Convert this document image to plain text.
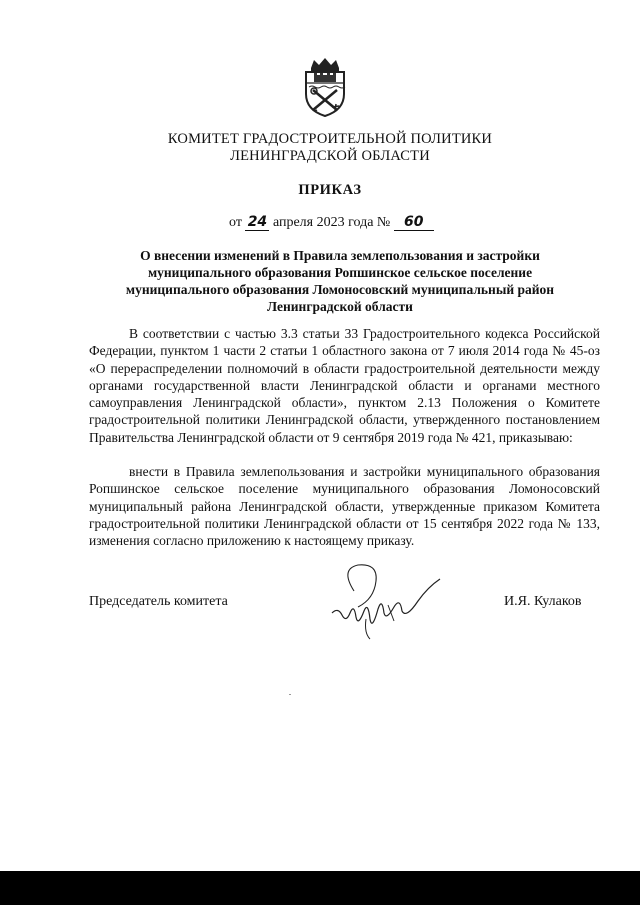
КОМИТЕТ ГРАДОСТРОИТЕЛЬНОЙ ПОЛИТИКИ
ЛЕНИНГРАДСКОЙ ОБЛАСТИ
ПРИКАЗ
от 24 апреля 2023 года № 60
О внесении изменений в Правила землепользования и застройки муниципального образования Ропшинское сельское поселение муниципального образования Ломоносовский муниципальный район Ленинградской области

В соответствии с частью 3.3 статьи 33 Градостроительного кодекса Российской Федерации, пунктом 1 части 2 статьи 1 областного закона от 7 июля 2014 года № 45-оз «О перераспределении полномочий в области градостроительной деятельности между органами государственной власти Ленинградской области и органами местного самоуправления Ленинградской области», пунктом 2.13 Положения о Комитете градостроительной политики Ленинградской области, утвержденного постановлением Правительства Ленинградской области от 9 сентября 2019 года № 421, приказываю:

внести в Правила землепользования и застройки муниципального образования Ропшинское сельское поселение муниципального образования Ломоносовский муниципальный района Ленинградской области, утвержденные приказом Комитета градостроительной политики Ленинградской области от 15 сентября 2022 года № 133, изменения согласно приложению к настоящему приказу.

Председатель комитета	И.Я. Кулаков
